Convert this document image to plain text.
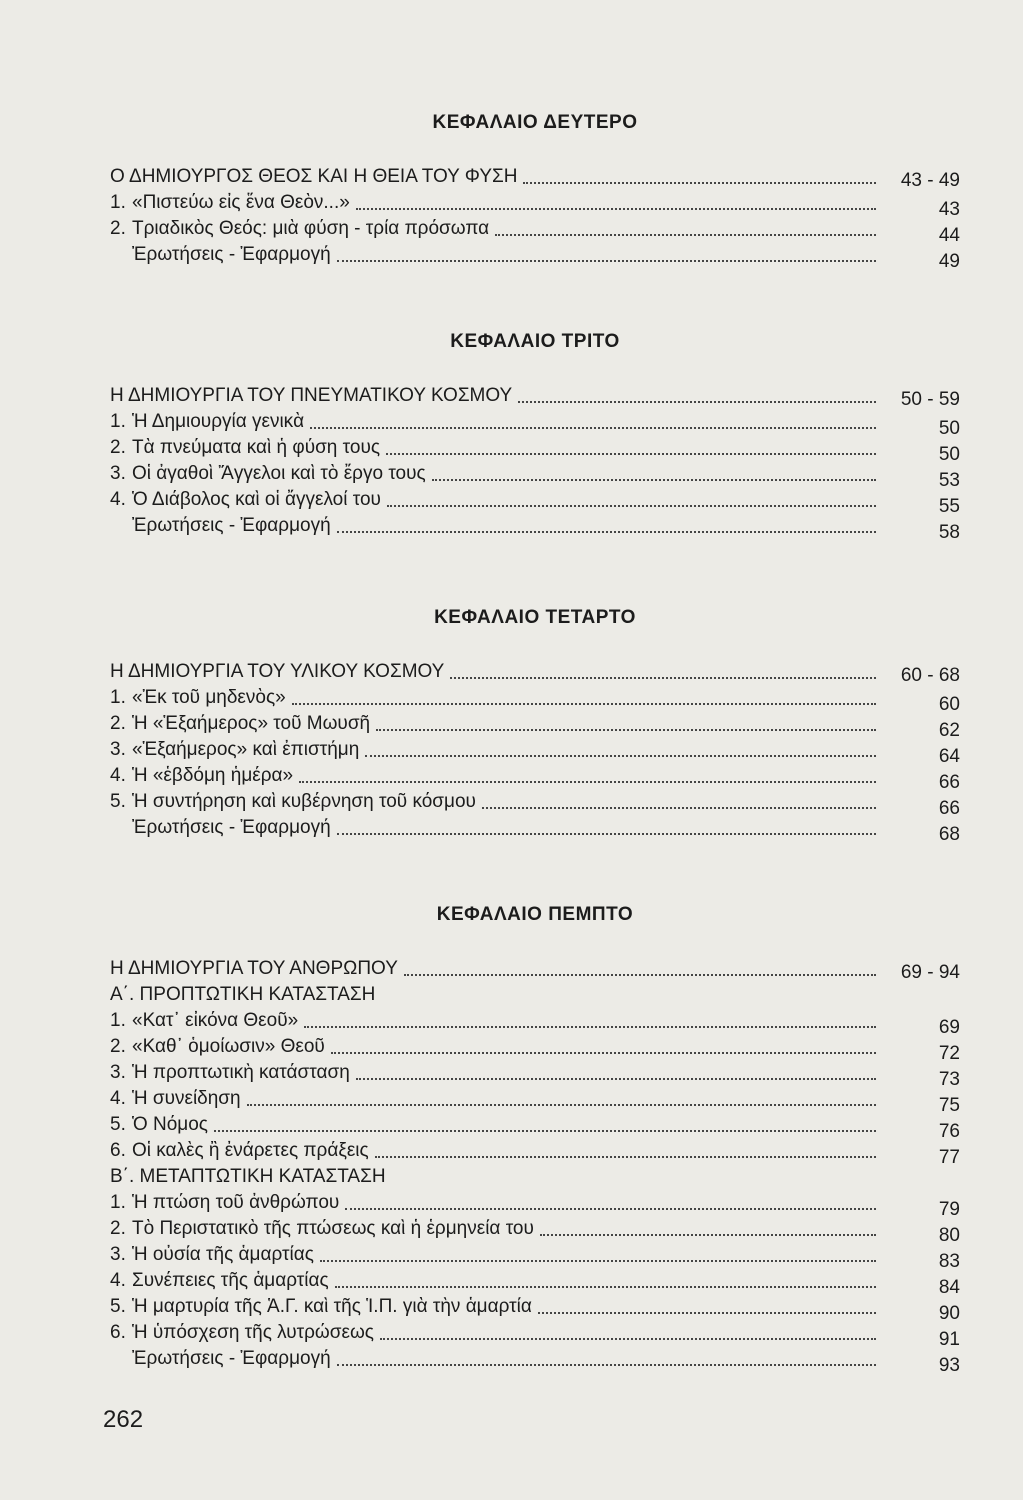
ΚΕΦΑΛΑΙΟ ΔΕΥΤΕΡΟ
Ο ΔΗΜΙΟΥΡΓΟΣ ΘΕΟΣ ΚΑΙ Η ΘΕΙΑ ΤΟΥ ΦΥΣΗ	43 - 49
1. «Πιστεύω εἰς ἕνα Θεὸν...»	43
2. Τριαδικὸς Θεός: μιὰ φύση - τρία πρόσωπα	44
Ἐρωτήσεις - Ἐφαρμογή	49
ΚΕΦΑΛΑΙΟ ΤΡΙΤΟ
Η ΔΗΜΙΟΥΡΓΙΑ ΤΟΥ ΠΝΕΥΜΑΤΙΚΟΥ ΚΟΣΜΟΥ	50 - 59
1. Ἡ Δημιουργία γενικὰ	50
2. Τὰ πνεύματα καὶ ἡ φύση τους	50
3. Οἱ ἀγαθοὶ Ἄγγελοι καὶ τὸ ἔργο τους	53
4. Ὁ Διάβολος καὶ οἱ ἄγγελοί του	55
Ἐρωτήσεις - Ἐφαρμογή	58
ΚΕΦΑΛΑΙΟ ΤΕΤΑΡΤΟ
Η ΔΗΜΙΟΥΡΓΙΑ ΤΟΥ ΥΛΙΚΟΥ ΚΟΣΜΟΥ	60 - 68
1. «Ἐκ τοῦ μηδενὸς»	60
2. Ἡ «Ἑξαήμερος» τοῦ Μωυσῆ	62
3. «Ἑξαήμερος» καὶ ἐπιστήμη	64
4. Ἡ «ἑβδόμη ἡμέρα»	66
5. Ἡ συντήρηση καὶ κυβέρνηση τοῦ κόσμου	66
Ἐρωτήσεις - Ἐφαρμογή	68
ΚΕΦΑΛΑΙΟ ΠΕΜΠΤΟ
Η ΔΗΜΙΟΥΡΓΙΑ ΤΟΥ ΑΝΘΡΩΠΟΥ	69 - 94
Α΄. ΠΡΟΠΤΩΤΙΚΗ ΚΑΤΑΣΤΑΣΗ
1. «Κατ᾽ εἰκόνα Θεοῦ»	69
2. «Καθ᾽ ὁμοίωσιν» Θεοῦ	72
3. Ἡ προπτωτικὴ κατάσταση	73
4. Ἡ συνείδηση	75
5. Ὁ Νόμος	76
6. Οἱ καλὲς ἢ ἐνάρετες πράξεις	77
Β΄. ΜΕΤΑΠΤΩΤΙΚΗ ΚΑΤΑΣΤΑΣΗ
1. Ἡ πτώση τοῦ ἀνθρώπου	79
2. Τὸ Περιστατικὸ τῆς πτώσεως καὶ ἡ ἑρμηνεία του	80
3. Ἡ οὐσία τῆς ἁμαρτίας	83
4. Συνέπειες τῆς ἁμαρτίας	84
5. Ἡ μαρτυρία τῆς Ἁ.Γ. καὶ τῆς Ἱ.Π. γιὰ τὴν ἁμαρτία	90
6. Ἡ ὑπόσχεση τῆς λυτρώσεως	91
Ἐρωτήσεις - Ἐφαρμογή	93
262
